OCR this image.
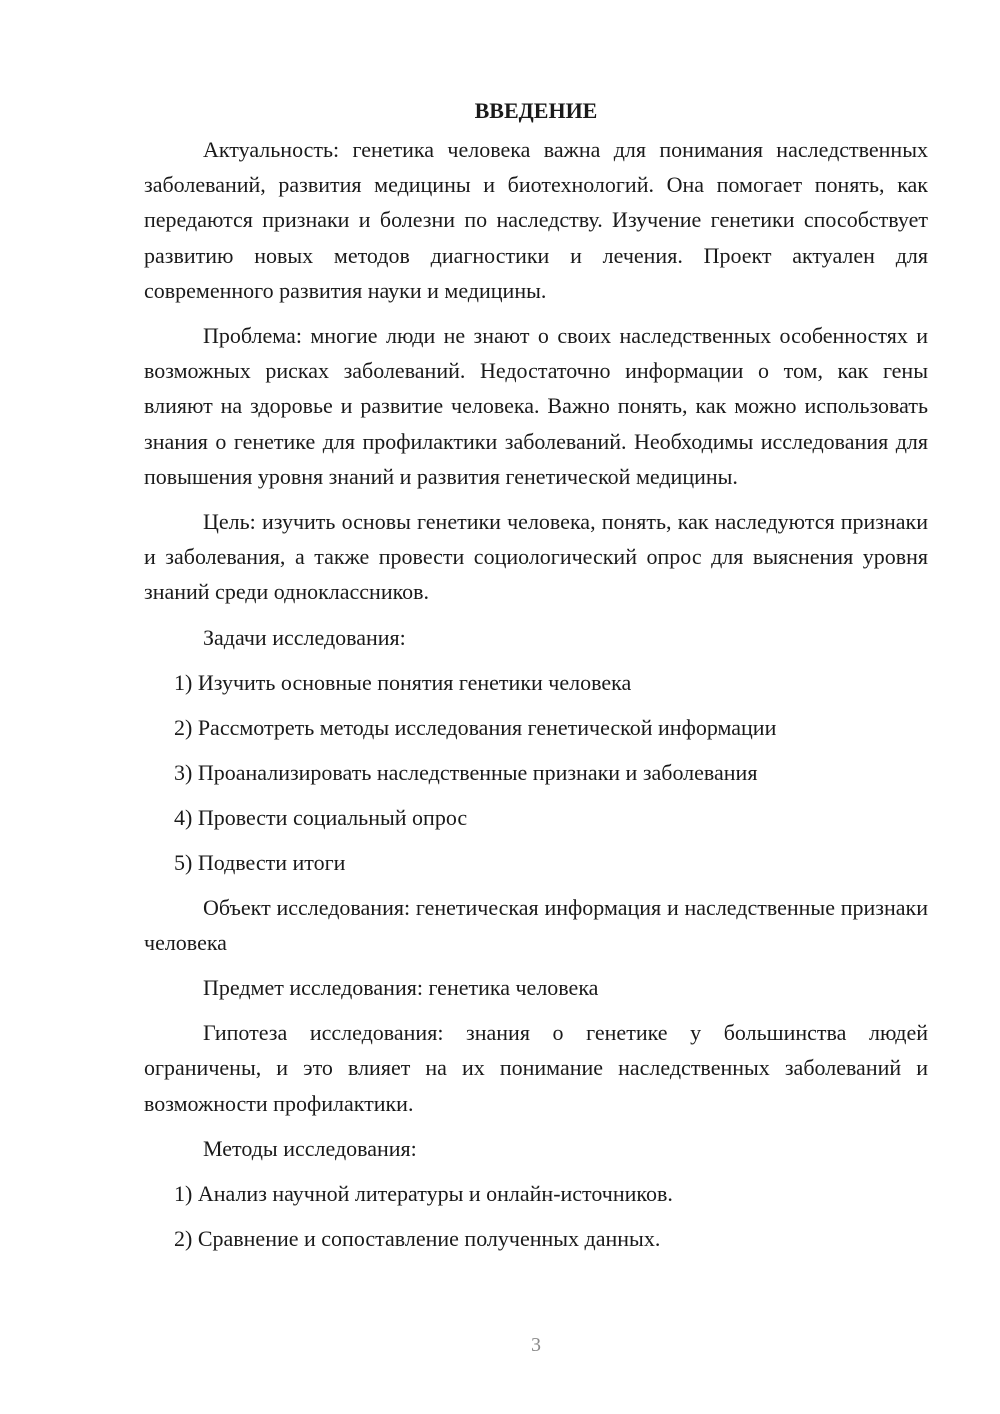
ВВЕДЕНИЕ

Актуальность: генетика человека важна для понимания наследственных заболеваний, развития медицины и биотехнологий. Она помогает понять, как передаются признаки и болезни по наследству. Изучение генетики способствует развитию новых методов диагностики и лечения. Проект актуален для современного развития науки и медицины.

Проблема: многие люди не знают о своих наследственных особенностях и возможных рисках заболеваний. Недостаточно информации о том, как гены влияют на здоровье и развитие человека. Важно понять, как можно использовать знания о генетике для профилактики заболеваний. Необходимы исследования для повышения уровня знаний и развития генетической медицины.

Цель: изучить основы генетики человека, понять, как наследуются признаки и заболевания, а также провести социологический опрос для выяснения уровня знаний среди одноклассников.

Задачи исследования:
1) Изучить основные понятия генетики человека
2) Рассмотреть методы исследования генетической информации
3) Проанализировать наследственные признаки и заболевания
4) Провести социальный опрос
5) Подвести итоги

Объект исследования: генетическая информация и наследственные признаки человека

Предмет исследования: генетика человека

Гипотеза исследования: знания о генетике у большинства людей ограничены, и это влияет на их понимание наследственных заболеваний и возможности профилактики.

Методы исследования:
1) Анализ научной литературы и онлайн-источников.
2) Сравнение и сопоставление полученных данных.
3
